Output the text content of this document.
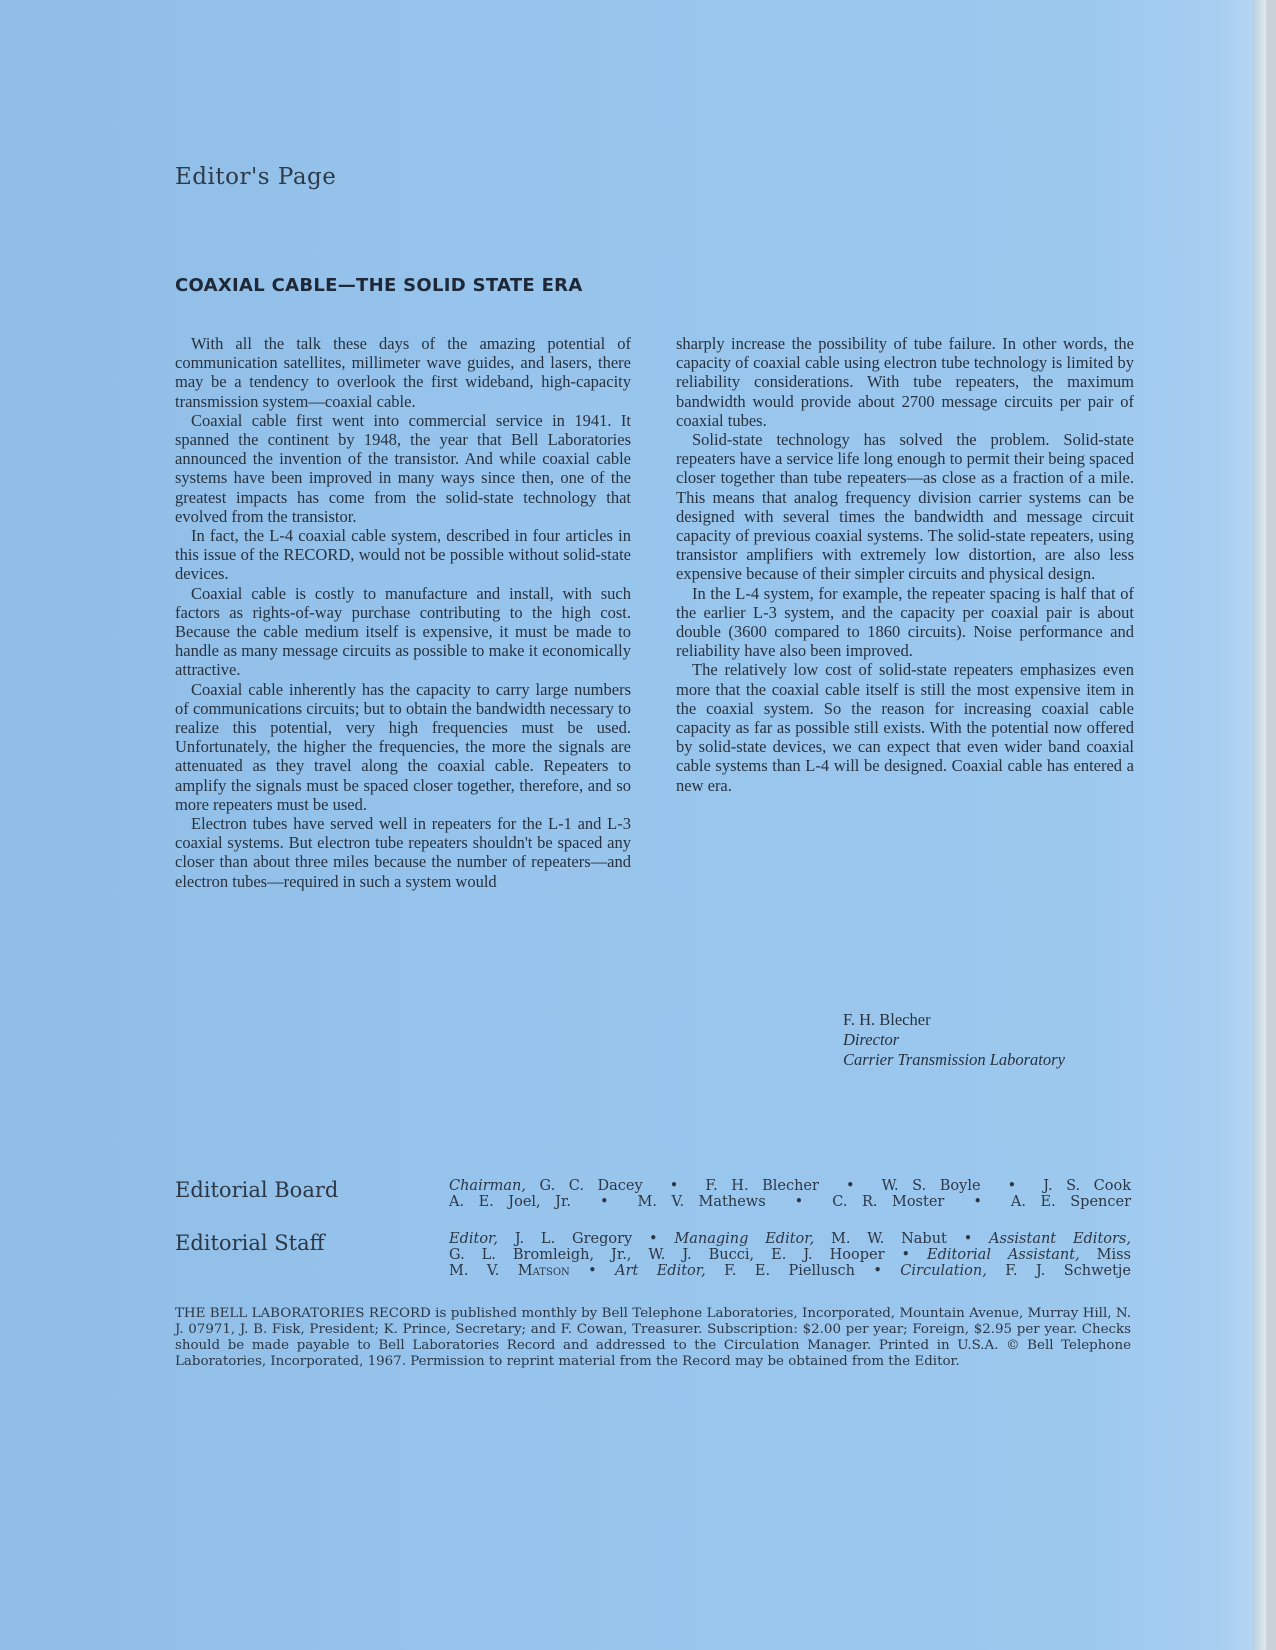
Editor's Page
COAXIAL CABLE—THE SOLID STATE ERA

With all the talk these days of the amazing potential of communication satellites, millimeter wave guides, and lasers, there may be a tendency to overlook the first wideband, high-capacity transmission system—coaxial cable.

Coaxial cable first went into commercial service in 1941. It spanned the continent by 1948, the year that Bell Laboratories announced the invention of the transistor. And while coaxial cable systems have been improved in many ways since then, one of the greatest impacts has come from the solid-state technology that evolved from the transistor.

In fact, the L-4 coaxial cable system, described in four articles in this issue of the RECORD, would not be possible without solid-state devices.

Coaxial cable is costly to manufacture and install, with such factors as rights-of-way purchase contributing to the high cost. Because the cable medium itself is expensive, it must be made to handle as many message circuits as possible to make it economically attractive.

Coaxial cable inherently has the capacity to carry large numbers of communications circuits; but to obtain the bandwidth necessary to realize this potential, very high frequencies must be used. Unfortunately, the higher the frequencies, the more the signals are attenuated as they travel along the coaxial cable. Repeaters to amplify the signals must be spaced closer together, therefore, and so more repeaters must be used.

Electron tubes have served well in repeaters for the L-1 and L-3 coaxial systems. But electron tube repeaters shouldn't be spaced any closer than about three miles because the number of repeaters—and electron tubes—required in such a system would

sharply increase the possibility of tube failure. In other words, the capacity of coaxial cable using electron tube technology is limited by reliability considerations. With tube repeaters, the maximum bandwidth would provide about 2700 message circuits per pair of coaxial tubes.

Solid-state technology has solved the problem. Solid-state repeaters have a service life long enough to permit their being spaced closer together than tube repeaters—as close as a fraction of a mile. This means that analog frequency division carrier systems can be designed with several times the bandwidth and message circuit capacity of previous coaxial systems. The solid-state repeaters, using transistor amplifiers with extremely low distortion, are also less expensive because of their simpler circuits and physical design.

In the L-4 system, for example, the repeater spacing is half that of the earlier L-3 system, and the capacity per coaxial pair is about double (3600 compared to 1860 circuits). Noise performance and reliability have also been improved.

The relatively low cost of solid-state repeaters emphasizes even more that the coaxial cable itself is still the most expensive item in the coaxial system. So the reason for increasing coaxial cable capacity as far as possible still exists. With the potential now offered by solid-state devices, we can expect that even wider band coaxial cable systems than L-4 will be designed. Coaxial cable has entered a new era.

F. H. Blecher
Director
Carrier Transmission Laboratory
Editorial Board	Chairman, G. C. Dacey  •  F. H. Blecher  •  W. S. Boyle  •  J. S. Cook
A. E. Joel, Jr.  •  M. V. Mathews  •  C. R. Moster  •  A. E. Spencer
Editorial Staff	Editor, J. L. Gregory • Managing Editor, M. W. Nabut • Assistant Editors,
G. L. Bromleigh, Jr., W. J. Bucci, E. J. Hooper • Editorial Assistant, Miss
M. V. Matson • Art Editor, F. E. Piellusch • Circulation, F. J. Schwetje
THE BELL LABORATORIES RECORD is published monthly by Bell Telephone Laboratories, Incorporated, Mountain Avenue, Murray Hill, N. J. 07971, J. B. Fisk, President; K. Prince, Secretary; and F. Cowan, Treasurer. Subscription: $2.00 per year; Foreign, $2.95 per year. Checks should be made payable to Bell Laboratories Record and addressed to the Circulation Manager. Printed in U.S.A. © Bell Telephone Laboratories, Incorporated, 1967. Permission to reprint material from the Record may be obtained from the Editor.
